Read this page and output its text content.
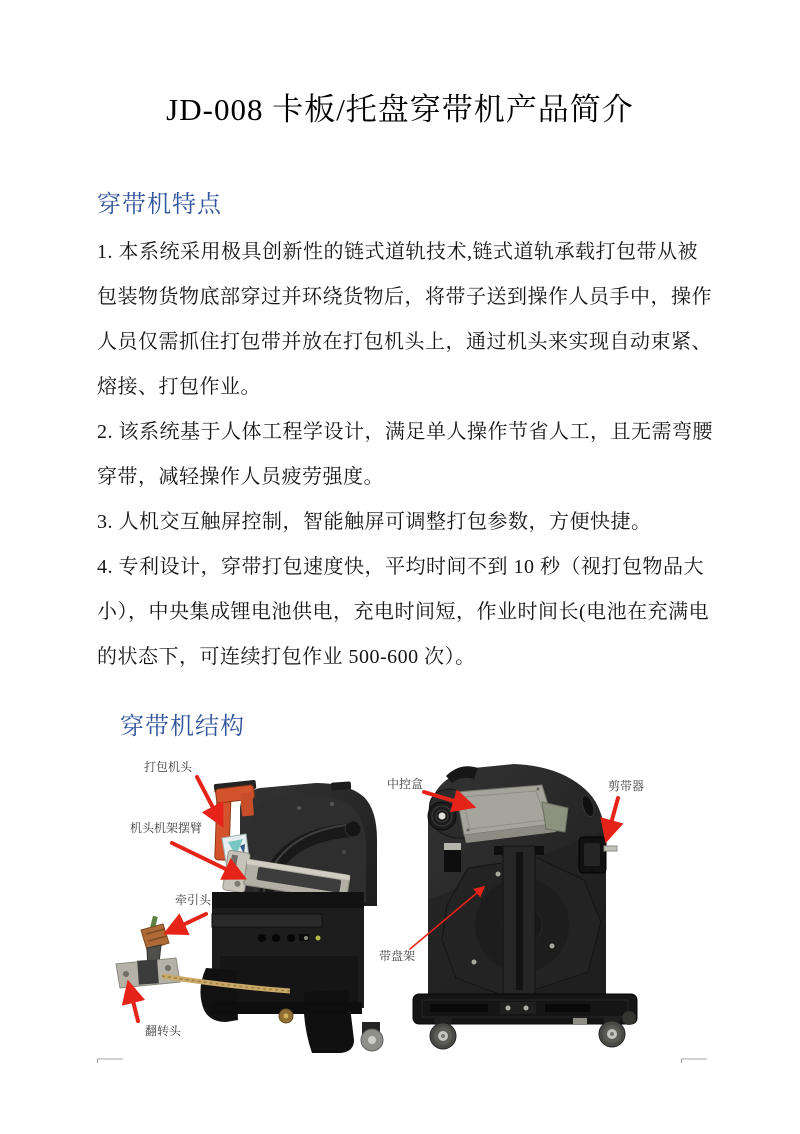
JD-008 卡板/托盘穿带机产品简介
穿带机特点
1. 本系统采用极具创新性的链式道轨技术,链式道轨承载打包带从被
包装物货物底部穿过并环绕货物后，将带子送到操作人员手中，操作
人员仅需抓住打包带并放在打包机头上，通过机头来实现自动束紧、
熔接、打包作业。
2. 该系统基于人体工程学设计，满足单人操作节省人工，且无需弯腰
穿带，减轻操作人员疲劳强度。
3. 人机交互触屏控制，智能触屏可调整打包参数，方便快捷。
4. 专利设计，穿带打包速度快，平均时间不到 10 秒（视打包物品大
小），中央集成锂电池供电，充电时间短，作业时间长(电池在充满电
的状态下，可连续打包作业 500-600 次）。
穿带机结构
打包机头
机头机架摆臂
牵引头
翻转头
中控盒	剪带器
带盘架
